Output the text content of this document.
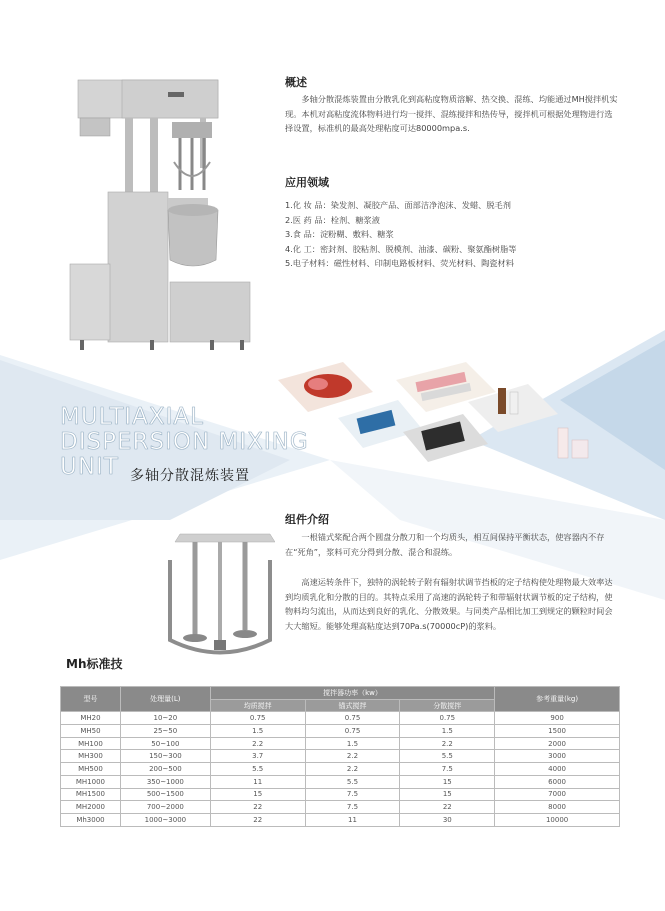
概述
多轴分散混炼装置由分散乳化到高粘度物质溶解、热交换、混练、均能通过MH搅拌机实现。本机对高粘度流体物料进行均一搅拌、混练搅拌和热传导，搅拌机可根据处理物进行选择设置，标准机的最高处理粘度可达80000mpa.s.
应用领域
1.化 妆 品：染发剂、凝胶产品、面部洁净泡沫、发蜡、脱毛剂
2.医 药 品：栓剂、糖浆液
3.食 品：淀粉糊、敷料、糖浆
4.化 工：密封剂、胶粘剂、脱模剂、油漆、碳粉、聚氨酯树脂等
5.电子材料：磁性材料、印制电路板材料、荧光材料、陶瓷材料
MULTIAXIAL
DISPERSION MIXING
UNIT 多轴分散混炼装置
组件介绍
一根锚式桨配合两个圆盘分散刀和一个均质头，相互间保持平衡状态，使容器内不存在“死角”，浆料可充分得到分散、混合和混练。
高速运转条件下，独特的涡轮转子附有辐射状调节挡板的定子结构使处理物最大效率达到均质乳化和分散的目的。其特点采用了高速的涡轮转子和带辐射状调节板的定子结构，使物料均匀流出，从而达到良好的乳化、分散效果。与同类产品相比加工到规定的颗粒时间会大大缩短。能够处理高粘度达到70Pa.s(70000cP)的浆料。
Mh标准技
型号	处理量(L)	搅拌器功率（kw）			参考重量(kg)
		均质搅拌	锚式搅拌	分散搅拌	
MH20	10~20	0.75	0.75	0.75	900
MH50	25~50	1.5	0.75	1.5	1500
MH100	50~100	2.2	1.5	2.2	2000
MH300	150~300	3.7	2.2	5.5	3000
MH500	200~500	5.5	2.2	7.5	4000
MH1000	350~1000	11	5.5	15	6000
MH1500	500~1500	15	7.5	15	7000
MH2000	700~2000	22	7.5	22	8000
Mh3000	1000~3000	22	11	30	10000
